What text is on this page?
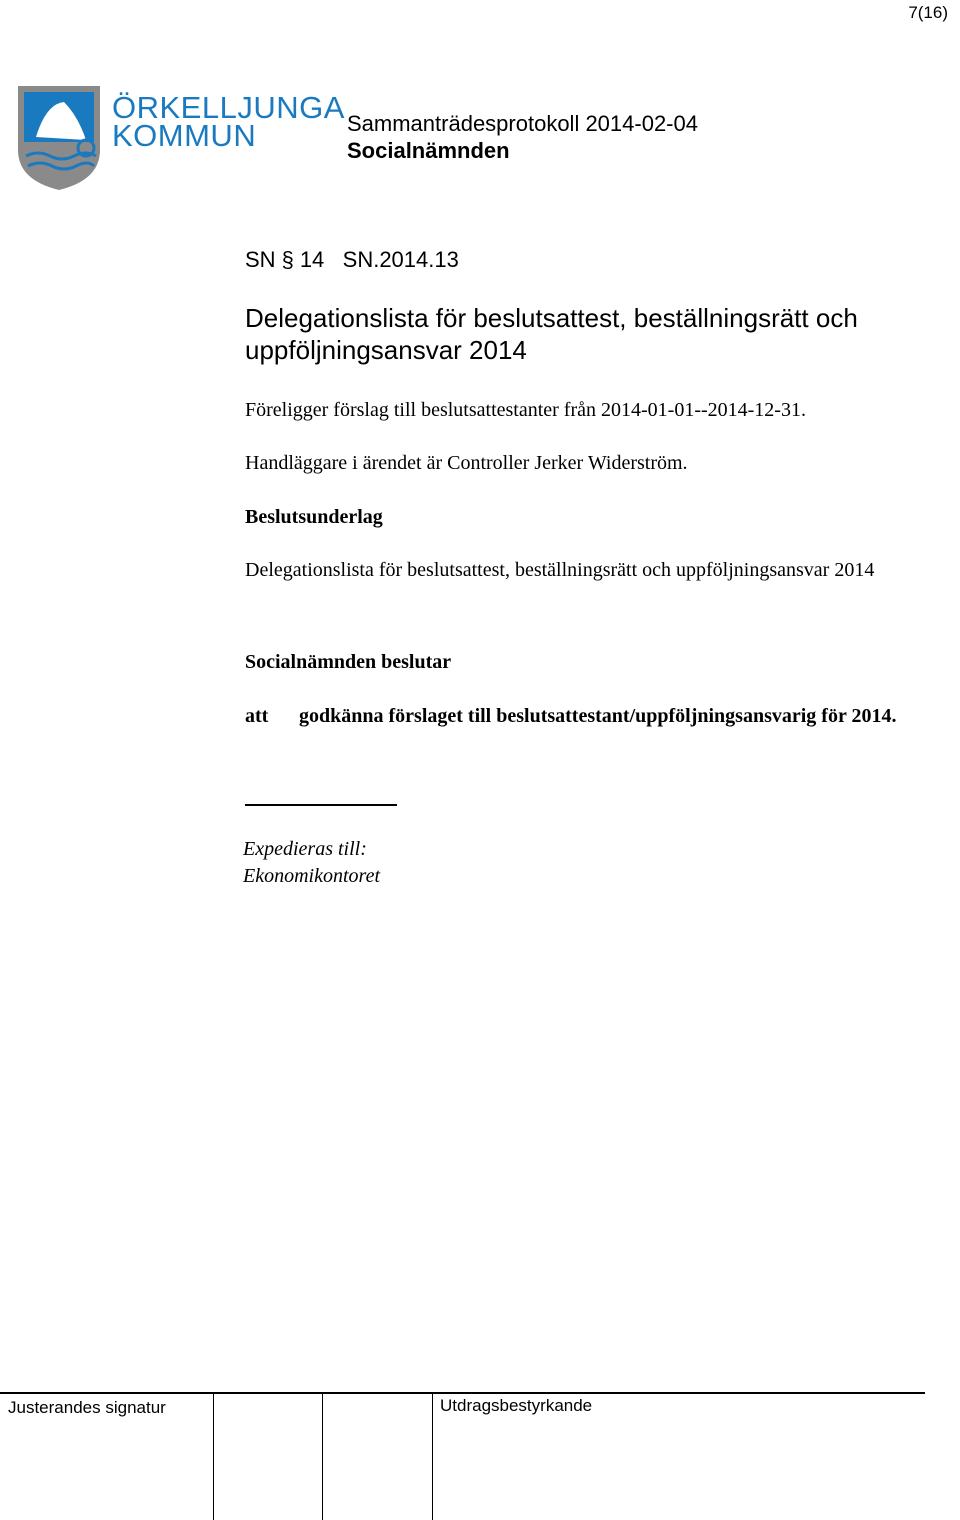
7(16)
ÖRKELLJUNGA
KOMMUN	Sammanträdesprotokoll 2014-02-04
Socialnämnden
SN § 14 SN.2014.13
Delegationslista för beslutsattest, beställningsrätt och uppföljningsansvar 2014
Föreligger förslag till beslutsattestanter från 2014-01-01--2014-12-31.
Handläggare i ärendet är Controller Jerker Widerström.
Beslutsunderlag
Delegationslista för beslutsattest, beställningsrätt och uppföljningsansvar 2014
Socialnämnden beslutar
att godkänna förslaget till beslutsattestant/uppföljningsansvarig för 2014.
Expedieras till:
Ekonomikontoret
Justerandes signatur	Utdragsbestyrkande
